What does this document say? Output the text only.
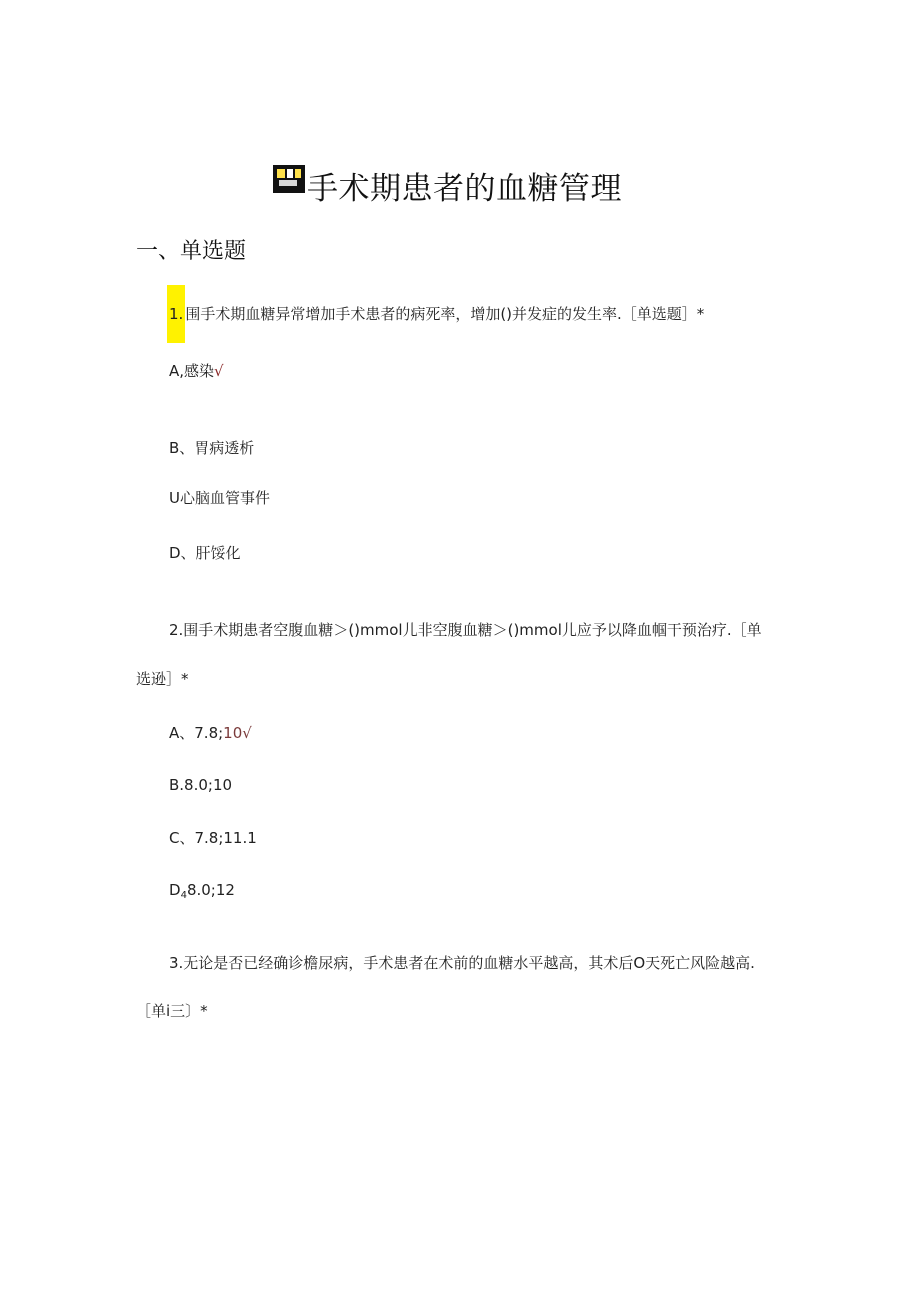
手术期患者的血糖管理
一、单选题
1. 围手术期血糖异常增加手术患者的病死率，增加()并发症的发生率.［单选题］*
A,感染√
B、胃病透析
U心脑血管事件
D、肝馁化
2.围手术期患者空腹血糖＞()mmol儿非空腹血糖＞()mmol儿应予以降血帼干预治疗.［单
选逊］*
A、7.8;10√
B.8.0;10
C、7.8;11.1
$D_48.0;12$
3.无论是否已经确诊檐尿病，手术患者在术前的血糖水平越高，其术后O天死亡风险越高.
［单i三〕*
